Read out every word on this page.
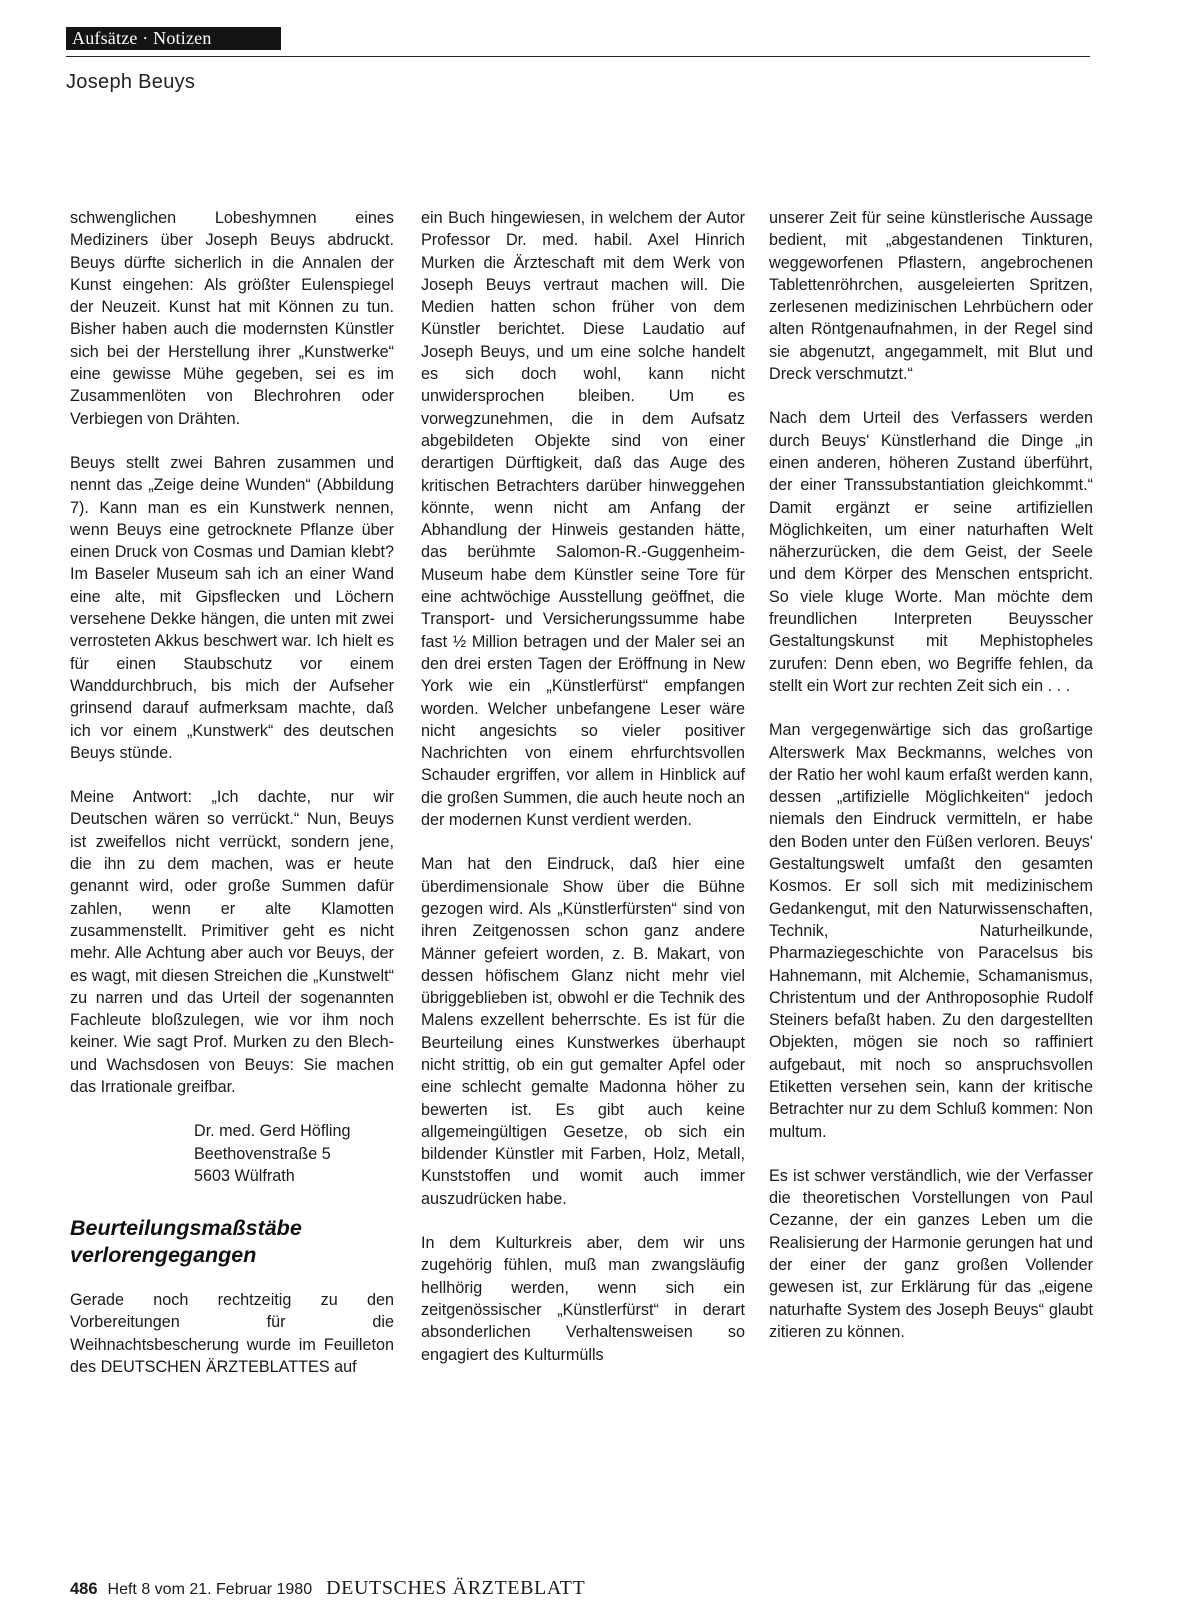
Aufsätze · Notizen
Joseph Beuys

schwenglichen Lobeshymnen eines Mediziners über Joseph Beuys abdruckt. Beuys dürfte sicherlich in die Annalen der Kunst eingehen: Als größter Eulenspiegel der Neuzeit. Kunst hat mit Können zu tun. Bisher haben auch die modernsten Künstler sich bei der Herstellung ihrer „Kunstwerke“ eine gewisse Mühe gegeben, sei es im Zusammenlöten von Blechrohren oder Verbiegen von Drähten.

Beuys stellt zwei Bahren zusammen und nennt das „Zeige deine Wunden“ (Abbildung 7). Kann man es ein Kunstwerk nennen, wenn Beuys eine getrocknete Pflanze über einen Druck von Cosmas und Damian klebt? Im Baseler Museum sah ich an einer Wand eine alte, mit Gipsflecken und Löchern versehene Dekke hängen, die unten mit zwei verrosteten Akkus beschwert war. Ich hielt es für einen Staubschutz vor einem Wanddurchbruch, bis mich der Aufseher grinsend darauf aufmerksam machte, daß ich vor einem „Kunstwerk“ des deutschen Beuys stünde.

Meine Antwort: „Ich dachte, nur wir Deutschen wären so verrückt.“ Nun, Beuys ist zweifellos nicht verrückt, sondern jene, die ihn zu dem machen, was er heute genannt wird, oder große Summen dafür zahlen, wenn er alte Klamotten zusammenstellt. Primitiver geht es nicht mehr. Alle Achtung aber auch vor Beuys, der es wagt, mit diesen Streichen die „Kunstwelt“ zu narren und das Urteil der sogenannten Fachleute bloßzulegen, wie vor ihm noch keiner. Wie sagt Prof. Murken zu den Blech- und Wachsdosen von Beuys: Sie machen das Irrationale greifbar.

Dr. med. Gerd Höfling
Beethovenstraße 5
5603 Wülfrath
Beurteilungsmaßstäbe
verlorengegangen

Gerade noch rechtzeitig zu den Vorbereitungen für die Weihnachtsbescherung wurde im Feuilleton des DEUTSCHEN ÄRZTEBLATTES auf

ein Buch hingewiesen, in welchem der Autor Professor Dr. med. habil. Axel Hinrich Murken die Ärzteschaft mit dem Werk von Joseph Beuys vertraut machen will. Die Medien hatten schon früher von dem Künstler berichtet. Diese Laudatio auf Joseph Beuys, und um eine solche handelt es sich doch wohl, kann nicht unwidersprochen bleiben. Um es vorwegzunehmen, die in dem Aufsatz abgebildeten Objekte sind von einer derartigen Dürftigkeit, daß das Auge des kritischen Betrachters darüber hinweggehen könnte, wenn nicht am Anfang der Abhandlung der Hinweis gestanden hätte, das berühmte Salomon-R.-Guggenheim-Museum habe dem Künstler seine Tore für eine achtwöchige Ausstellung geöffnet, die Transport- und Versicherungssumme habe fast ½ Million betragen und der Maler sei an den drei ersten Tagen der Eröffnung in New York wie ein „Künstlerfürst“ empfangen worden. Welcher unbefangene Leser wäre nicht angesichts so vieler positiver Nachrichten von einem ehrfurchtsvollen Schauder ergriffen, vor allem in Hinblick auf die großen Summen, die auch heute noch an der modernen Kunst verdient werden.

Man hat den Eindruck, daß hier eine überdimensionale Show über die Bühne gezogen wird. Als „Künstlerfürsten“ sind von ihren Zeitgenossen schon ganz andere Männer gefeiert worden, z. B. Makart, von dessen höfischem Glanz nicht mehr viel übriggeblieben ist, obwohl er die Technik des Malens exzellent beherrschte. Es ist für die Beurteilung eines Kunstwerkes überhaupt nicht strittig, ob ein gut gemalter Apfel oder eine schlecht gemalte Madonna höher zu bewerten ist. Es gibt auch keine allgemeingültigen Gesetze, ob sich ein bildender Künstler mit Farben, Holz, Metall, Kunststoffen und womit auch immer auszudrücken habe.

In dem Kulturkreis aber, dem wir uns zugehörig fühlen, muß man zwangsläufig hellhörig werden, wenn sich ein zeitgenössischer „Künstlerfürst“ in derart absonderlichen Verhaltensweisen so engagiert des Kulturmülls

unserer Zeit für seine künstlerische Aussage bedient, mit „abgestandenen Tinkturen, weggeworfenen Pflastern, angebrochenen Tablettenröhrchen, ausgeleierten Spritzen, zerlesenen medizinischen Lehrbüchern oder alten Röntgenaufnahmen, in der Regel sind sie abgenutzt, angegammelt, mit Blut und Dreck verschmutzt.“

Nach dem Urteil des Verfassers werden durch Beuys' Künstlerhand die Dinge „in einen anderen, höheren Zustand überführt, der einer Transsubstantiation gleichkommt.“ Damit ergänzt er seine artifiziellen Möglichkeiten, um einer naturhaften Welt näherzurücken, die dem Geist, der Seele und dem Körper des Menschen entspricht. So viele kluge Worte. Man möchte dem freundlichen Interpreten Beuysscher Gestaltungskunst mit Mephistopheles zurufen: Denn eben, wo Begriffe fehlen, da stellt ein Wort zur rechten Zeit sich ein . . .

Man vergegenwärtige sich das großartige Alterswerk Max Beckmanns, welches von der Ratio her wohl kaum erfaßt werden kann, dessen „artifizielle Möglichkeiten“ jedoch niemals den Eindruck vermitteln, er habe den Boden unter den Füßen verloren. Beuys' Gestaltungswelt umfaßt den gesamten Kosmos. Er soll sich mit medizinischem Gedankengut, mit den Naturwissenschaften, Technik, Naturheilkunde, Pharmaziegeschichte von Paracelsus bis Hahnemann, mit Alchemie, Schamanismus, Christentum und der Anthroposophie Rudolf Steiners befaßt haben. Zu den dargestellten Objekten, mögen sie noch so raffiniert aufgebaut, mit noch so anspruchsvollen Etiketten versehen sein, kann der kritische Betrachter nur zu dem Schluß kommen: Non multum.

Es ist schwer verständlich, wie der Verfasser die theoretischen Vorstellungen von Paul Cezanne, der ein ganzes Leben um die Realisierung der Harmonie gerungen hat und der einer der ganz großen Vollender gewesen ist, zur Erklärung für das „eigene naturhafte System des Joseph Beuys“ glaubt zitieren zu können.

486 Heft 8 vom 21. Februar 1980 DEUTSCHES ÄRZTEBLATT
